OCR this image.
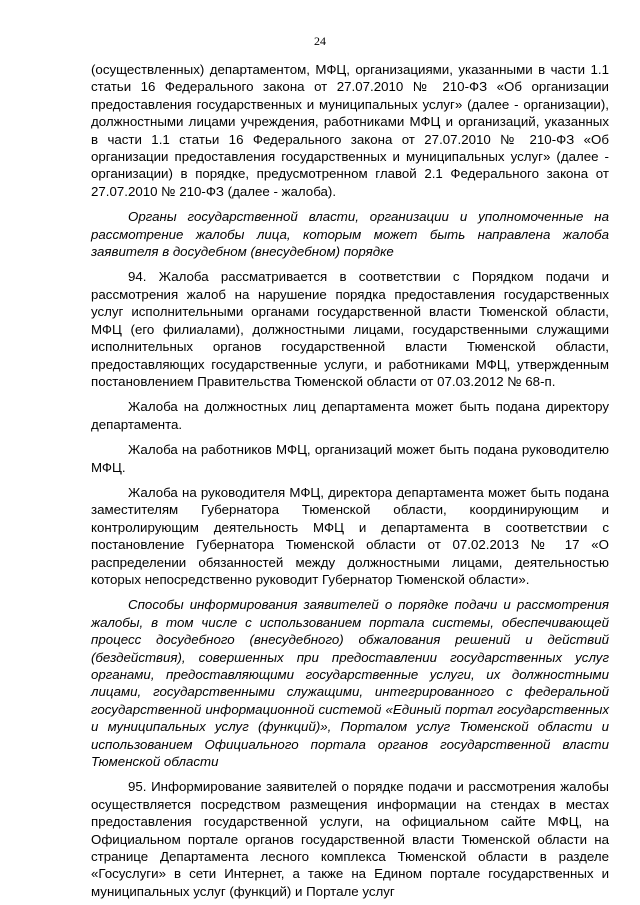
24

(осуществленных) департаментом, МФЦ, организациями, указанными в части 1.1 статьи 16 Федерального закона от 27.07.2010 № 210-ФЗ «Об организации предоставления государственных и муниципальных услуг» (далее - организации), должностными лицами учреждения, работниками МФЦ и организаций, указанных в части 1.1 статьи 16 Федерального закона от 27.07.2010 № 210-ФЗ «Об организации предоставления государственных и муниципальных услуг» (далее - организации) в порядке, предусмотренном главой 2.1 Федерального закона от 27.07.2010 № 210-ФЗ (далее - жалоба).

Органы государственной власти, организации и уполномоченные на рассмотрение жалобы лица, которым может быть направлена жалоба заявителя в досудебном (внесудебном) порядке

94. Жалоба рассматривается в соответствии с Порядком подачи и рассмотрения жалоб на нарушение порядка предоставления государственных услуг исполнительными органами государственной власти Тюменской области, МФЦ (его филиалами), должностными лицами, государственными служащими исполнительных органов государственной власти Тюменской области, предоставляющих государственные услуги, и работниками МФЦ, утвержденным постановлением Правительства Тюменской области от 07.03.2012 № 68-п.

Жалоба на должностных лиц департамента может быть подана директору департамента.

Жалоба на работников МФЦ, организаций может быть подана руководителю МФЦ.

Жалоба на руководителя МФЦ, директора департамента может быть подана заместителям Губернатора Тюменской области, координирующим и контролирующим деятельность МФЦ и департамента в соответствии с постановление Губернатора Тюменской области от 07.02.2013 № 17 «О распределении обязанностей между должностными лицами, деятельностью которых непосредственно руководит Губернатор Тюменской области».

Способы информирования заявителей о порядке подачи и рассмотрения жалобы, в том числе с использованием портала системы, обеспечивающей процесс досудебного (внесудебного) обжалования решений и действий (бездействия), совершенных при предоставлении государственных услуг органами, предоставляющими государственные услуги, их должностными лицами, государственными служащими, интегрированного с федеральной государственной информационной системой «Единый портал государственных и муниципальных услуг (функций)», Порталом услуг Тюменской области и использованием Официального портала органов государственной власти Тюменской области

95. Информирование заявителей о порядке подачи и рассмотрения жалобы осуществляется посредством размещения информации на стендах в местах предоставления государственной услуги, на официальном сайте МФЦ, на Официальном портале органов государственной власти Тюменской области на странице Департамента лесного комплекса Тюменской области в разделе «Госуслуги» в сети Интернет, а также на Едином портале государственных и муниципальных услуг (функций) и Портале услуг
